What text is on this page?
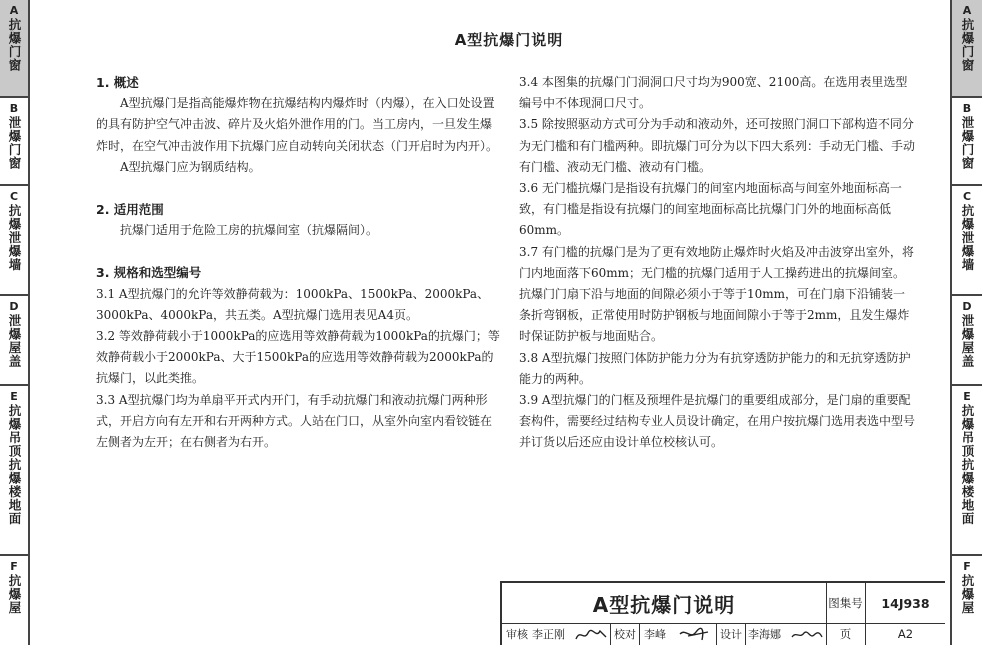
A
抗爆门窗
B
泄爆门窗
C
抗爆泄爆墙
D
泄爆屋盖
E
抗爆吊顶抗爆楼地面
F
抗爆屋
A
抗爆门窗
B
泄爆门窗
C
抗爆泄爆墙
D
泄爆屋盖
E
抗爆吊顶抗爆楼地面
F
抗爆屋
A型抗爆门说明

1. 概述

A型抗爆门是指高能爆炸物在抗爆结构内爆炸时（内爆），在入口处设置的具有防护空气冲击波、碎片及火焰外泄作用的门。当工房内，一旦发生爆炸时，在空气冲击波作用下抗爆门应自动转向关闭状态（门开启时为内开）。

A型抗爆门应为钢质结构。

2. 适用范围

抗爆门适用于危险工房的抗爆间室（抗爆隔间）。

3. 规格和选型编号

3.1 A型抗爆门的允许等效静荷载为：1000kPa、1500kPa、2000kPa、3000kPa、4000kPa，共五类。A型抗爆门选用表见A4页。

3.2 等效静荷载小于1000kPa的应选用等效静荷载为1000kPa的抗爆门；等效静荷载小于2000kPa、大于1500kPa的应选用等效静荷载为2000kPa的抗爆门，以此类推。

3.3 A型抗爆门均为单扇平开式内开门，有手动抗爆门和液动抗爆门两种形式，开启方向有左开和右开两种方式。人站在门口，从室外向室内看铰链在左侧者为左开；在右侧者为右开。

3.4 本图集的抗爆门门洞洞口尺寸均为900宽、2100高。在选用表里选型编号中不体现洞口尺寸。

3.5 除按照驱动方式可分为手动和液动外，还可按照门洞口下部构造不同分为无门槛和有门槛两种。即抗爆门可分为以下四大系列：手动无门槛、手动有门槛、液动无门槛、液动有门槛。

3.6 无门槛抗爆门是指设有抗爆门的间室内地面标高与间室外地面标高一致，有门槛是指设有抗爆门的间室地面标高比抗爆门门外的地面标高低60mm。

3.7 有门槛的抗爆门是为了更有效地防止爆炸时火焰及冲击波穿出室外，将门内地面落下60mm；无门槛的抗爆门适用于人工操药进出的抗爆间室。抗爆门门扇下沿与地面的间隙必须小于等于10mm，可在门扇下沿铺装一条折弯钢板，正常使用时防护钢板与地面间隙小于等于2mm，且发生爆炸时保证防护板与地面贴合。

3.8 A型抗爆门按照门体防护能力分为有抗穿透防护能力的和无抗穿透防护能力的两种。

3.9 A型抗爆门的门框及预埋件是抗爆门的重要组成部分，是门扇的重要配套构件，需要经过结构专业人员设计确定，在用户按抗爆门选用表选中型号并订货以后还应由设计单位校核认可。

A型抗爆门说明	图集号	14J938
审核 李正刚	校对 李峰	设计 李海娜	页	A2
